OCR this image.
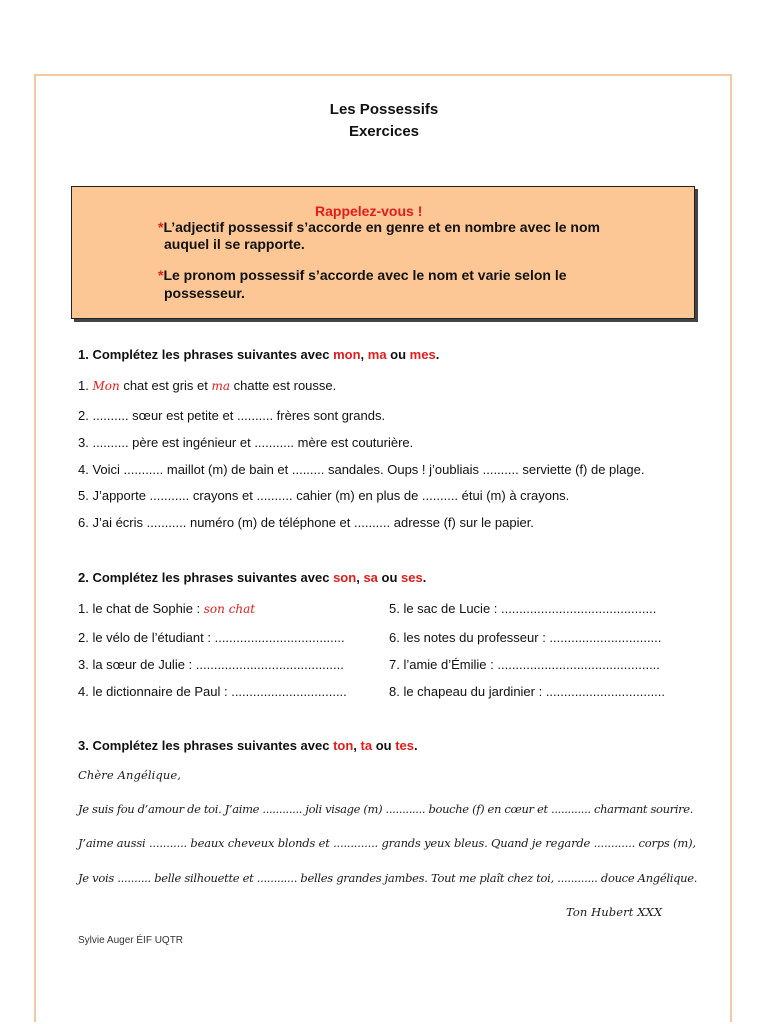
Les Possessifs
Exercices
Rappelez-vous !
*L’adjectif possessif s’accorde en genre et en nombre avec le nom
auquel il se rapporte.
*Le pronom possessif s’accorde avec le nom et varie selon le
possesseur.
1. Complétez les phrases suivantes avec mon, ma ou mes.
1. Mon chat est gris et ma chatte est rousse.
2. .......... sœur est petite et .......... frères sont grands.
3. .......... père est ingénieur et ........... mère est couturière.
4. Voici ........... maillot (m) de bain et ......... sandales. Oups ! j’oubliais .......... serviette (f) de plage.
5. J’apporte ........... crayons et .......... cahier (m) en plus de .......... étui (m) à crayons.
6. J’ai écris ........... numéro (m) de téléphone et .......... adresse (f) sur le papier.
2. Complétez les phrases suivantes avec son, sa ou ses.
1. le chat de Sophie : son chat
2. le vélo de l’étudiant : ....................................
3. la sœur de Julie : .........................................
4. le dictionnaire de Paul : ................................
5. le sac de Lucie : ...........................................
6. les notes du professeur : ...............................
7. l’amie d’Émilie : .............................................
8. le chapeau du jardinier : .................................
3. Complétez les phrases suivantes avec ton, ta ou tes.
Chère Angélique,
Je suis fou d’amour de toi. J’aime ............ joli visage (m) ............ bouche (f) en cœur et ............ charmant sourire.
J’aime aussi ........... beaux cheveux blonds et ............. grands yeux bleus. Quand je regarde ............ corps (m),
Je vois .......... belle silhouette et ............ belles grandes jambes. Tout me plaît chez toi, ............ douce Angélique.
Ton Hubert XXX
Sylvie Auger ÉIF UQTR
